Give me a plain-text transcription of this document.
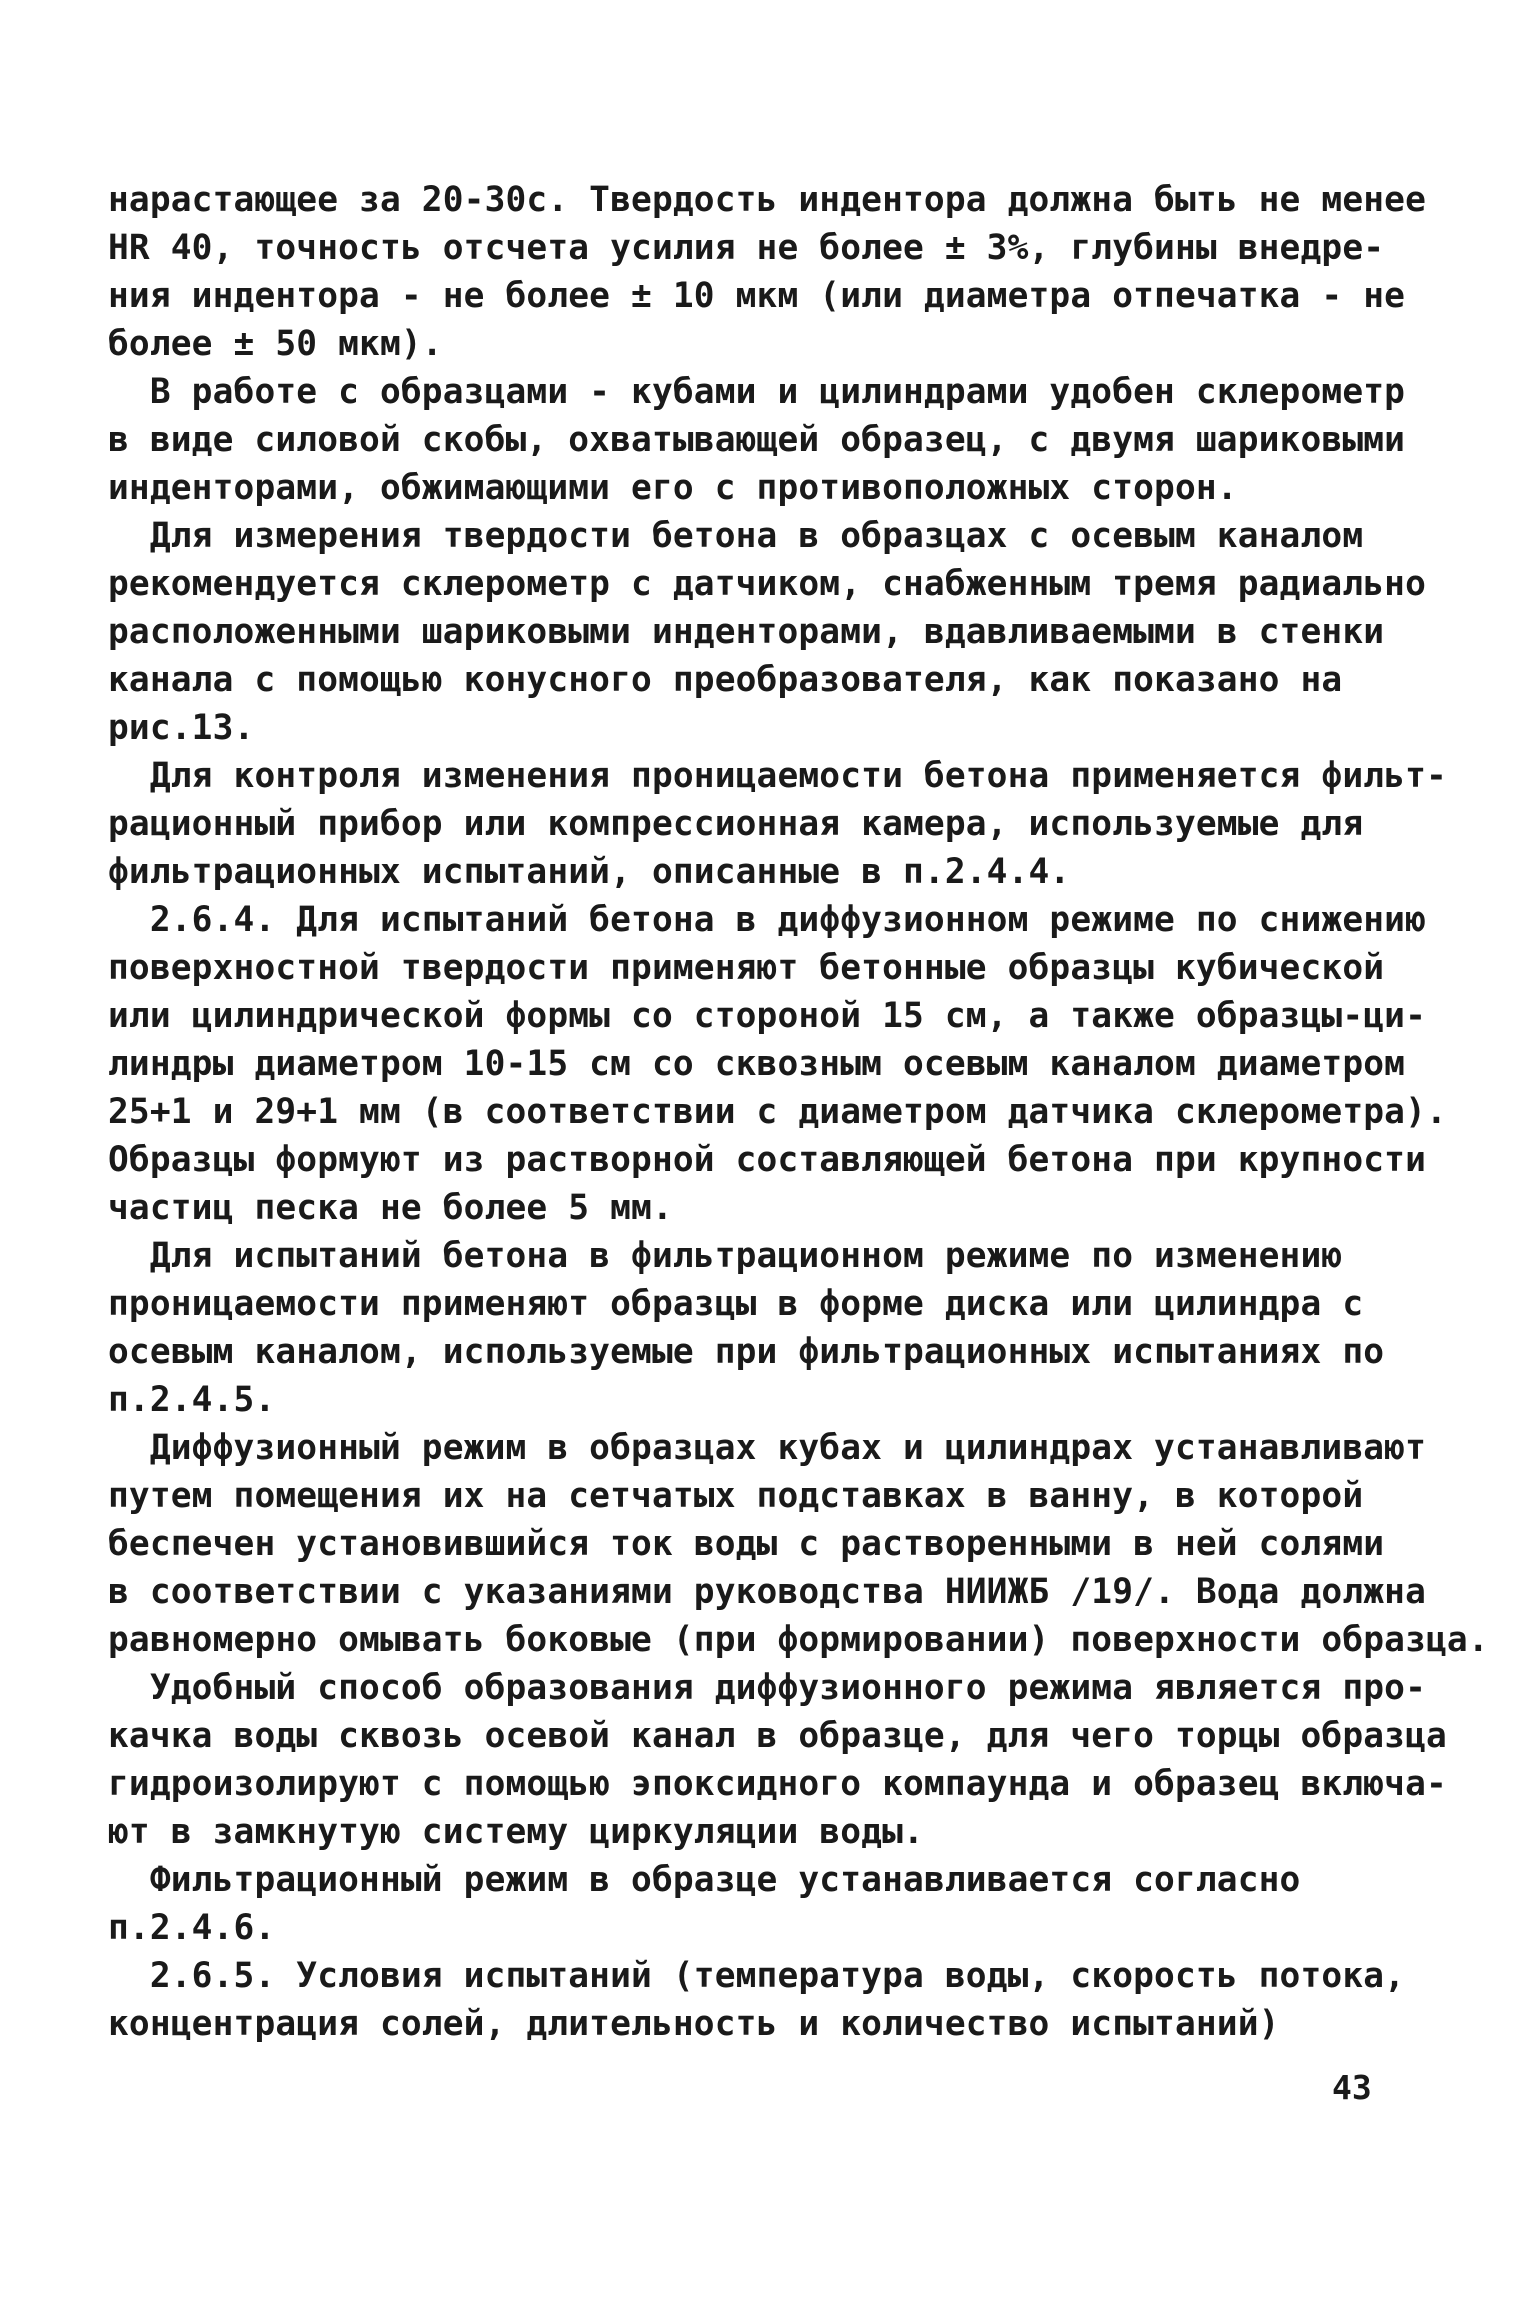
нарастающее за 20-30с. Твердость индентора должна быть не менее
HR 40, точность отсчета усилия не более ± 3%, глубины внедре-
ния индентора - не более ± 10 мкм (или диаметра отпечатка - не
более ± 50 мкм).
В работе с образцами - кубами и цилиндрами удобен склерометр
в виде силовой скобы, охватывающей образец, с двумя шариковыми
инденторами, обжимающими его с противоположных сторон.
Для измерения твердости бетона в образцах с осевым каналом
рекомендуется склерометр с датчиком, снабженным тремя радиально
расположенными шариковыми инденторами, вдавливаемыми в стенки
канала с помощью конусного преобразователя, как показано на
рис.13.
Для контроля изменения проницаемости бетона применяется фильт-
рационный прибор или компрессионная камера, используемые для
фильтрационных испытаний, описанные в п.2.4.4.
2.6.4. Для испытаний бетона в диффузионном режиме по снижению
поверхностной твердости применяют бетонные образцы кубической
или цилиндрической формы со стороной 15 см, а также образцы-ци-
линдры диаметром 10-15 см со сквозным осевым каналом диаметром
25+1 и 29+1 мм (в соответствии с диаметром датчика склерометра).
Образцы формуют из растворной составляющей бетона при крупности
частиц песка не более 5 мм.
Для испытаний бетона в фильтрационном режиме по изменению
проницаемости применяют образцы в форме диска или цилиндра с
осевым каналом, используемые при фильтрационных испытаниях по
п.2.4.5.
Диффузионный режим в образцах кубах и цилиндрах устанавливают
путем помещения их на сетчатых подставках в ванну, в которой
беспечен установившийся ток воды с растворенными в ней солями
в соответствии с указаниями руководства НИИЖБ /19/. Вода должна
равномерно омывать боковые (при формировании) поверхности образца.
Удобный способ образования диффузионного режима является про-
качка воды сквозь осевой канал в образце, для чего торцы образца
гидроизолируют с помощью эпоксидного компаунда и образец включа-
ют в замкнутую систему циркуляции воды.
Фильтрационный режим в образце устанавливается согласно
п.2.4.6.
2.6.5. Условия испытаний (температура воды, скорость потока,
концентрация солей, длительность и количество испытаний)
43
